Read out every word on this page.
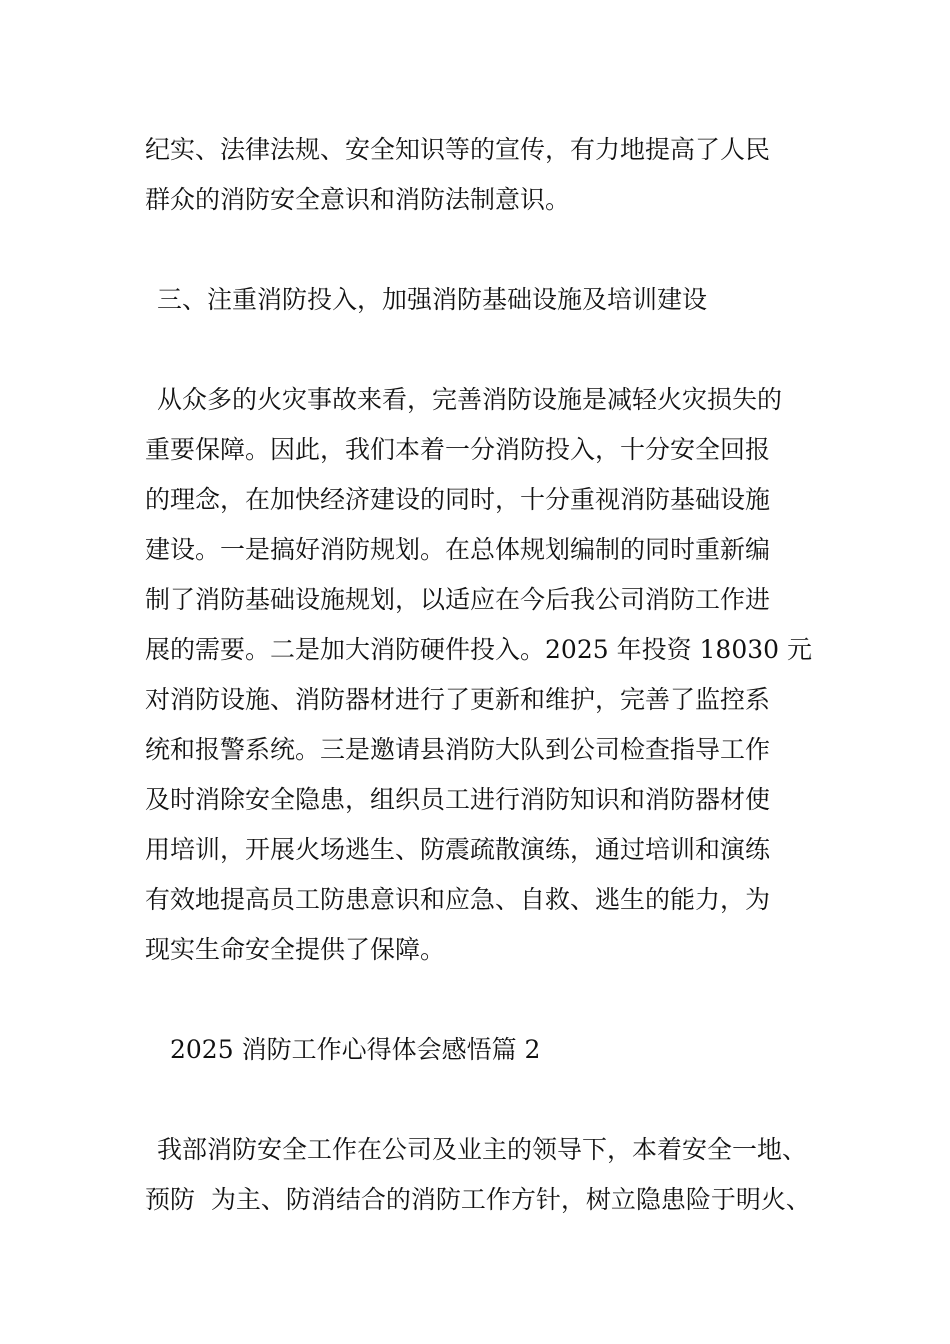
纪实、法律法规、安全知识等的宣传，有力地提高了人民

群众的消防安全意识和消防法制意识。

三、注重消防投入，加强消防基础设施及培训建设

从众多的火灾事故来看，完善消防设施是减轻火灾损失的

重要保障。因此，我们本着一分消防投入，十分安全回报

的理念，在加快经济建设的同时，十分重视消防基础设施

建设。一是搞好消防规划。在总体规划编制的同时重新编

制了消防基础设施规划，以适应在今后我公司消防工作进

展的需要。二是加大消防硬件投入。2025 年投资 18030 元

对消防设施、消防器材进行了更新和维护，完善了监控系

统和报警系统。三是邀请县消防大队到公司检查指导工作

及时消除安全隐患，组织员工进行消防知识和消防器材使

用培训，开展火场逃生、防震疏散演练，通过培训和演练

有效地提高员工防患意识和应急、自救、逃生的能力，为

现实生命安全提供了保障。

2025 消防工作心得体会感悟篇 2

我部消防安全工作在公司及业主的领导下，本着安全一地、

预防  为主、防消结合的消防工作方针，树立隐患险于明火、
